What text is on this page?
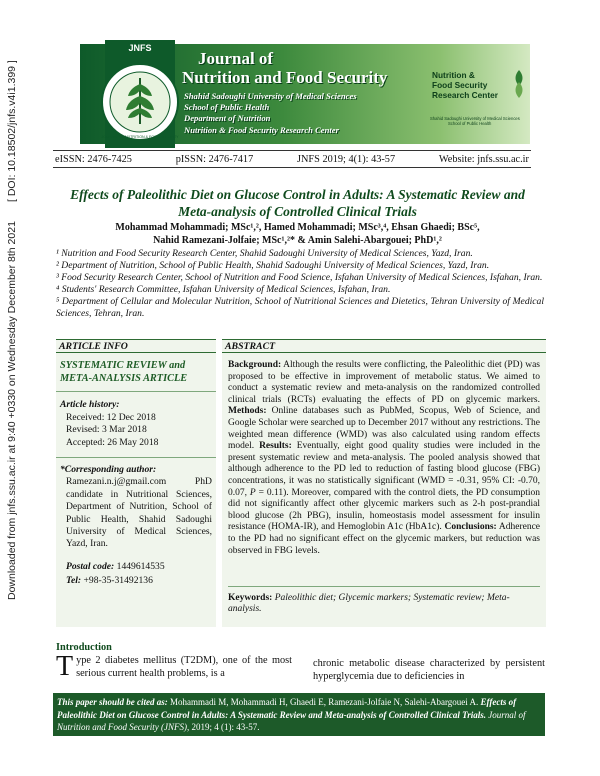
Downloaded from jnfs.ssu.ac.ir at 9:40 +0330 on Wednesday December 8th 2021
[ DOI: 10.18502/jnfs.v4i1.399 ]
JNFS
JOURNAL OF NUTRITION & FOOD SECURITY
Journal of
Nutrition and Food Security
Shahid Sadoughi University of Medical Sciences
School of Public Health
Department of Nutrition
Nutrition & Food Security Research Center
Nutrition &
Food Security
Research Center
Shahid Sadoughi University of Medical Sciences
School of Public Health
eISSN: 2476-7425	pISSN: 2476-7417	JNFS 2019; 4(1): 43-57	Website: jnfs.ssu.ac.ir
Effects of Paleolithic Diet on Glucose Control in Adults: A Systematic Review and Meta-analysis of Controlled Clinical Trials
Mohammad Mohammadi; MSc¹,², Hamed Mohammadi; MSc³,⁴, Ehsan Ghaedi; BSc⁵,
Nahid Ramezani-Jolfaie; MSc¹,²* & Amin Salehi-Abargouei; PhD¹,²

¹ Nutrition and Food Security Research Center, Shahid Sadoughi University of Medical Sciences, Yazd, Iran.

² Department of Nutrition, School of Public Health, Shahid Sadoughi University of Medical Sciences, Yazd, Iran.

³ Food Security Research Center, School of Nutrition and Food Science, Isfahan University of Medical Sciences, Isfahan, Iran.

⁴ Students' Research Committee, Isfahan University of Medical Sciences, Isfahan, Iran.

⁵ Department of Cellular and Molecular Nutrition, School of Nutritional Sciences and Dietetics, Tehran University of Medical Sciences, Tehran, Iran.

ARTICLE INFO
SYSTEMATIC REVIEW and META-ANALYSIS ARTICLE
Article history:
Received: 12 Dec 2018
Revised: 3 Mar 2018
Accepted: 26 May 2018
*Corresponding author:
Ramezani.n.j@gmail.com PhD candidate in Nutritional Sciences, Department of Nutrition, School of Public Health, Shahid Sadoughi University of Medical Sciences, Yazd, Iran.
Postal code: 1449614535
Tel: +98-35-31492136
ABSTRACT
Background: Although the results were conflicting, the Paleolithic diet (PD) was proposed to be effective in improvement of metabolic status. We aimed to conduct a systematic review and meta-analysis on the randomized controlled clinical trials (RCTs) evaluating the effects of PD on glycemic markers. Methods: Online databases such as PubMed, Scopus, Web of Science, and Google Scholar were searched up to December 2017 without any restrictions. The weighted mean difference (WMD) was also calculated using random effects model. Results: Eventually, eight good quality studies were included in the present systematic review and meta-analysis. The pooled analysis showed that although adherence to the PD led to reduction of fasting blood glucose (FBG) concentrations, it was no statistically significant (WMD = -0.31, 95% CI: -0.70, 0.07, P = 0.11). Moreover, compared with the control diets, the PD consumption did not significantly affect other glycemic markers such as 2-h post-prandial blood glucose (2h PBG), insulin, homeostasis model assessment for insulin resistance (HOMA-IR), and Hemoglobin A1c (HbA1c). Conclusions: Adherence to the PD had no significant effect on the glycemic markers, but reduction was observed in FBG levels.
Keywords: Paleolithic diet; Glycemic markers; Systematic review; Meta-analysis.
Introduction
T ype 2 diabetes mellitus (T2DM), one of the most serious current health problems, is a
chronic metabolic disease characterized by persistent hyperglycemia due to deficiencies in
This paper should be cited as: Mohammadi M, Mohammadi H, Ghaedi E, Ramezani-Jolfaie N, Salehi-Abargouei A. Effects of Paleolithic Diet on Glucose Control in Adults: A Systematic Review and Meta-analysis of Controlled Clinical Trials. Journal of Nutrition and Food Security (JNFS), 2019; 4 (1): 43-57.
